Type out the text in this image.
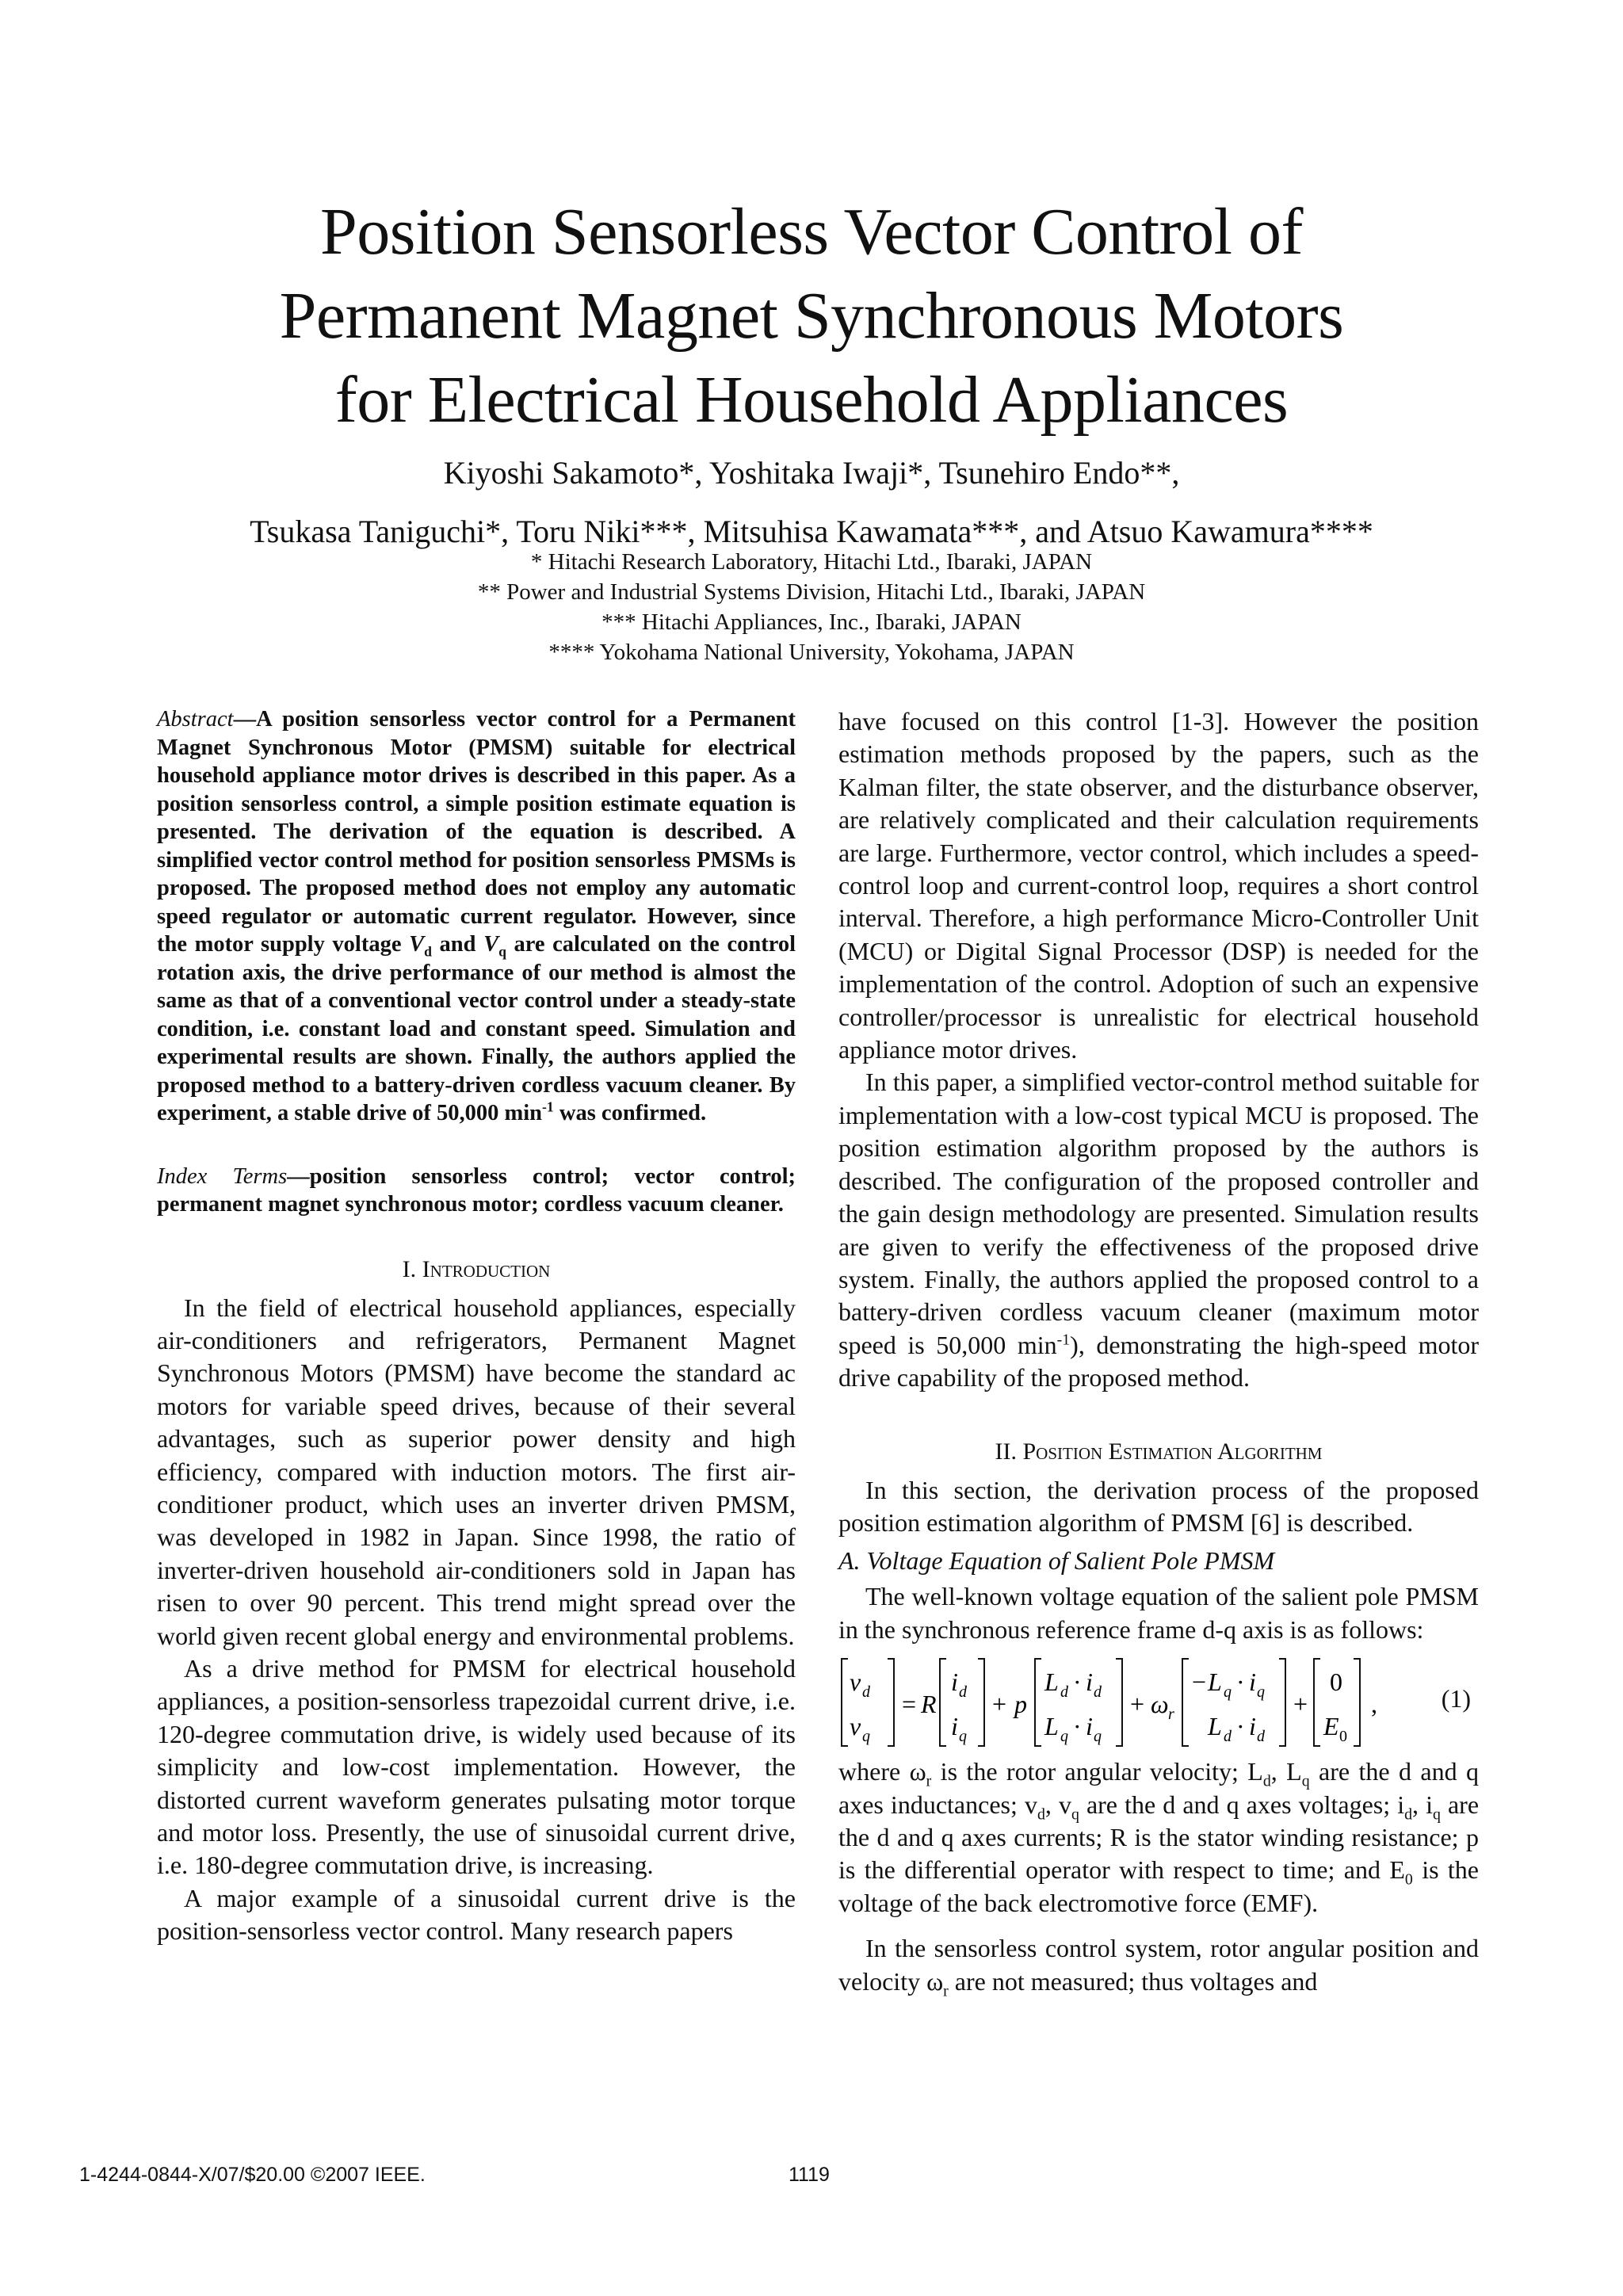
Position Sensorless Vector Control of
Permanent Magnet Synchronous Motors
for Electrical Household Appliances
Kiyoshi Sakamoto*, Yoshitaka Iwaji*, Tsunehiro Endo**,
Tsukasa Taniguchi*, Toru Niki***, Mitsuhisa Kawamata***, and Atsuo Kawamura****
* Hitachi Research Laboratory, Hitachi Ltd., Ibaraki, JAPAN
** Power and Industrial Systems Division, Hitachi Ltd., Ibaraki, JAPAN
*** Hitachi Appliances, Inc., Ibaraki, JAPAN
**** Yokohama National University, Yokohama, JAPAN

Abstract—A position sensorless vector control for a Permanent Magnet Synchronous Motor (PMSM) suitable for electrical household appliance motor drives is described in this paper. As a position sensorless control, a simple position estimate equation is presented. The derivation of the equation is described. A simplified vector control method for position sensorless PMSMs is proposed. The proposed method does not employ any automatic speed regulator or automatic current regulator. However, since the motor supply voltage $V_d$ and $V_q$ are calculated on the control rotation axis, the drive performance of our method is almost the same as that of a conventional vector control under a steady-state condition, i.e. constant load and constant speed. Simulation and experimental results are shown. Finally, the authors applied the proposed method to a battery-driven cordless vacuum cleaner. By experiment, a stable drive of 50,000 $\min^{-1}$ was confirmed.

Index Terms—position sensorless control; vector control; permanent magnet synchronous motor; cordless vacuum cleaner.

I. Introduction

In the field of electrical household appliances, especially air-conditioners and refrigerators, Permanent Magnet Synchronous Motors (PMSM) have become the standard ac motors for variable speed drives, because of their several advantages, such as superior power density and high efficiency, compared with induction motors. The first air-conditioner product, which uses an inverter driven PMSM, was developed in 1982 in Japan. Since 1998, the ratio of inverter-driven household air-conditioners sold in Japan has risen to over 90 percent. This trend might spread over the world given recent global energy and environmental problems.

As a drive method for PMSM for electrical household appliances, a position-sensorless trapezoidal current drive, i.e. 120-degree commutation drive, is widely used because of its simplicity and low-cost implementation. However, the distorted current waveform generates pulsating motor torque and motor loss. Presently, the use of sinusoidal current drive, i.e. 180-degree commutation drive, is increasing.

A major example of a sinusoidal current drive is the position-sensorless vector control. Many research papers

have focused on this control [1-3]. However the position estimation methods proposed by the papers, such as the Kalman filter, the state observer, and the disturbance observer, are relatively complicated and their calculation requirements are large. Furthermore, vector control, which includes a speed-control loop and current-control loop, requires a short control interval. Therefore, a high performance Micro-Controller Unit (MCU) or Digital Signal Processor (DSP) is needed for the implementation of the control. Adoption of such an expensive controller/processor is unrealistic for electrical household appliance motor drives.

In this paper, a simplified vector-control method suitable for implementation with a low-cost typical MCU is proposed. The position estimation algorithm proposed by the authors is described. The configuration of the proposed controller and the gain design methodology are presented. Simulation results are given to verify the effectiveness of the proposed drive system. Finally, the authors applied the proposed control to a battery-driven cordless vacuum cleaner (maximum motor speed is 50,000 $\min^{-1}$), demonstrating the high-speed motor drive capability of the proposed method.

II. Position Estimation Algorithm

In this section, the derivation process of the proposed position estimation algorithm of PMSM [6] is described.

A. Voltage Equation of Salient Pole PMSM

The well-known voltage equation of the salient pole PMSM in the synchronous reference frame d-q axis is as follows:

v d
v q
= R
i d
i q
+ p
L d · i d
L q · i q
+ ω r
− L q · i q
L d · i d
+
0
E 0
,	(1)

where $\omega_r$ is the rotor angular velocity; $L_d$, $L_q$ are the d and q axes inductances; $v_d$, $v_q$ are the d and q axes voltages; $i_d$, $i_q$ are the d and q axes currents; R is the stator winding resistance; p is the differential operator with respect to time; and $E_0$ is the voltage of the back electromotive force (EMF).

In the sensorless control system, rotor angular position and velocity $\omega_r$ are not measured; thus voltages and

1-4244-0844-X/07/$20.00 ©2007 IEEE.	1119
